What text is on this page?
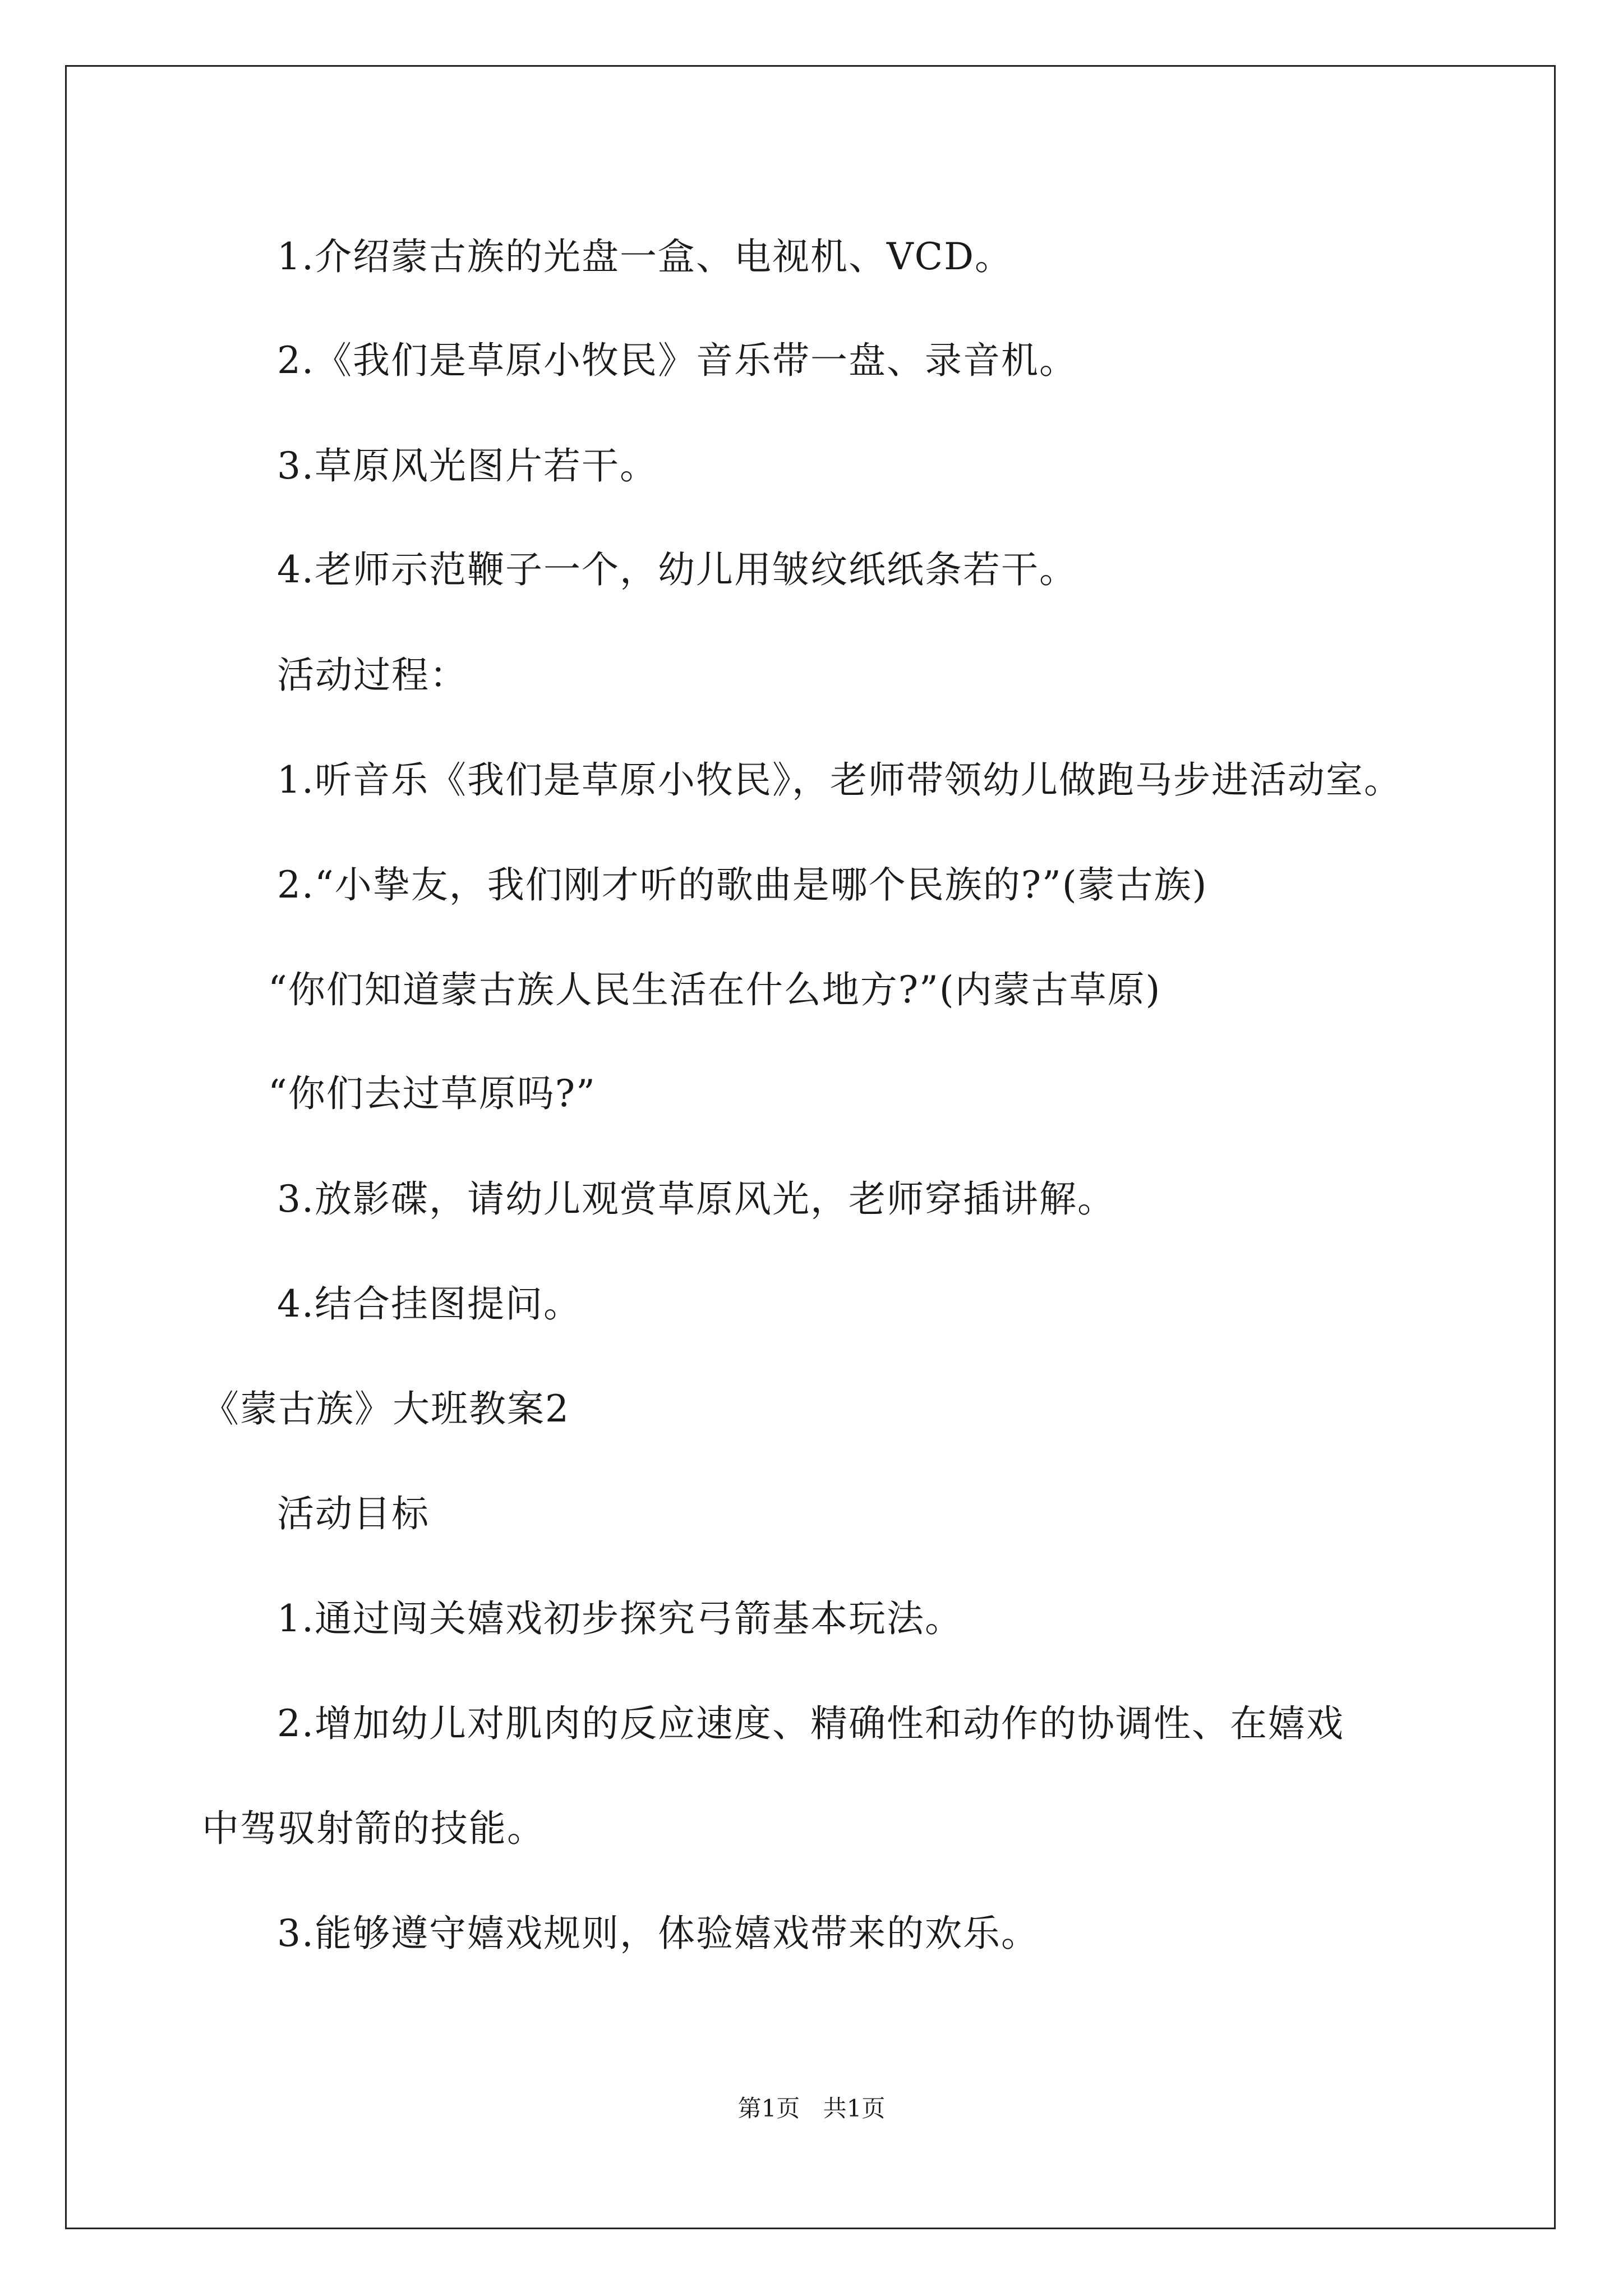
1.介绍蒙古族的光盘一盒、电视机、VCD。
2.《我们是草原小牧民》音乐带一盘、录音机。
3.草原风光图片若干。
4.老师示范鞭子一个，幼儿用皱纹纸纸条若干。
活动过程：
1.听音乐《我们是草原小牧民》，老师带领幼儿做跑马步进活动室。
2.“小挚友，我们刚才听的歌曲是哪个民族的?”(蒙古族)
“你们知道蒙古族人民生活在什么地方?”(内蒙古草原)
“你们去过草原吗?”
3.放影碟，请幼儿观赏草原风光，老师穿插讲解。
4.结合挂图提问。
《蒙古族》大班教案2
活动目标
1.通过闯关嬉戏初步探究弓箭基本玩法。
2.增加幼儿对肌肉的反应速度、精确性和动作的协调性、在嬉戏
中驾驭射箭的技能。
3.能够遵守嬉戏规则，体验嬉戏带来的欢乐。
第1页 共1页
